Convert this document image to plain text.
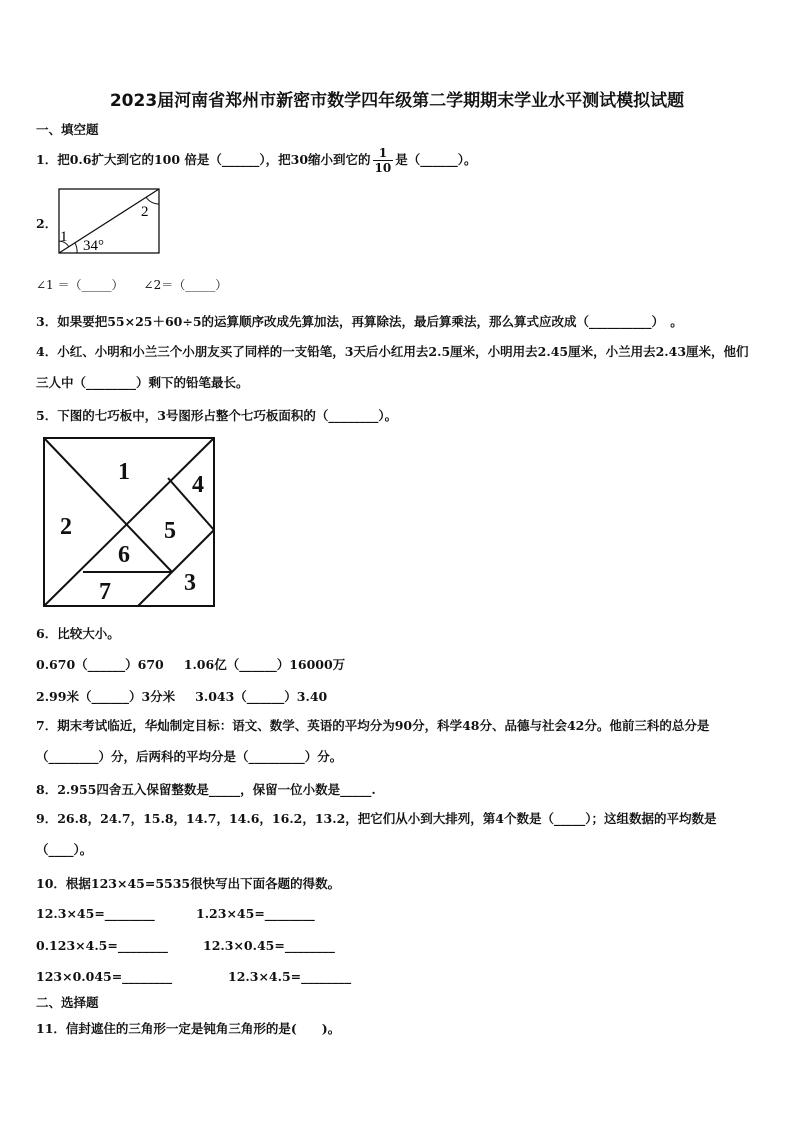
2023届河南省郑州市新密市数学四年级第二学期期末学业水平测试模拟试题
一、填空题
1．把0.6扩大到它的100 倍是（______），把30缩小到它的 $\frac{1}{10}$ 是（______）。
2．
1
2
34°
∠1 ＝（_____） ∠2＝（_____）
3．如果要把55×25＋60÷5的运算顺序改成先算加法，再算除法，最后算乘法，那么算式应改成（__________）　。
4．小红、小明和小兰三个小朋友买了同样的一支铅笔，3天后小红用去2.5厘米，小明用去2.45厘米，小兰用去2.43厘米，他们三人中（________）剩下的铅笔最长。
5．下图的七巧板中，3号图形占整个七巧板面积的（________）。
1
2
3
4
5
6
7
6．比较大小。
0.670（______）670 1.06亿（______）16000万
2.99米（______）3分米 3.043（______）3.40
7．期末考试临近，华灿制定目标：语文、数学、英语的平均分为90分，科学48分、品德与社会42分。他前三科的总分是（________）分，后两科的平均分是（_________）分。
8．2.955四舍五入保留整数是_____，保留一位小数是_____.
9．26.8，24.7，15.8，14.7，14.6，16.2，13.2，把它们从小到大排列，第4个数是（_____）；这组数据的平均数是（____）。
10．根据123×45=5535很快写出下面各题的得数。
12.3×45=________	1.23×45=________
0.123×4.5=________	12.3×0.45=________
123×0.045=________	12.3×4.5=________
二、选择题
11．信封遮住的三角形一定是钝角三角形的是(　　)。
